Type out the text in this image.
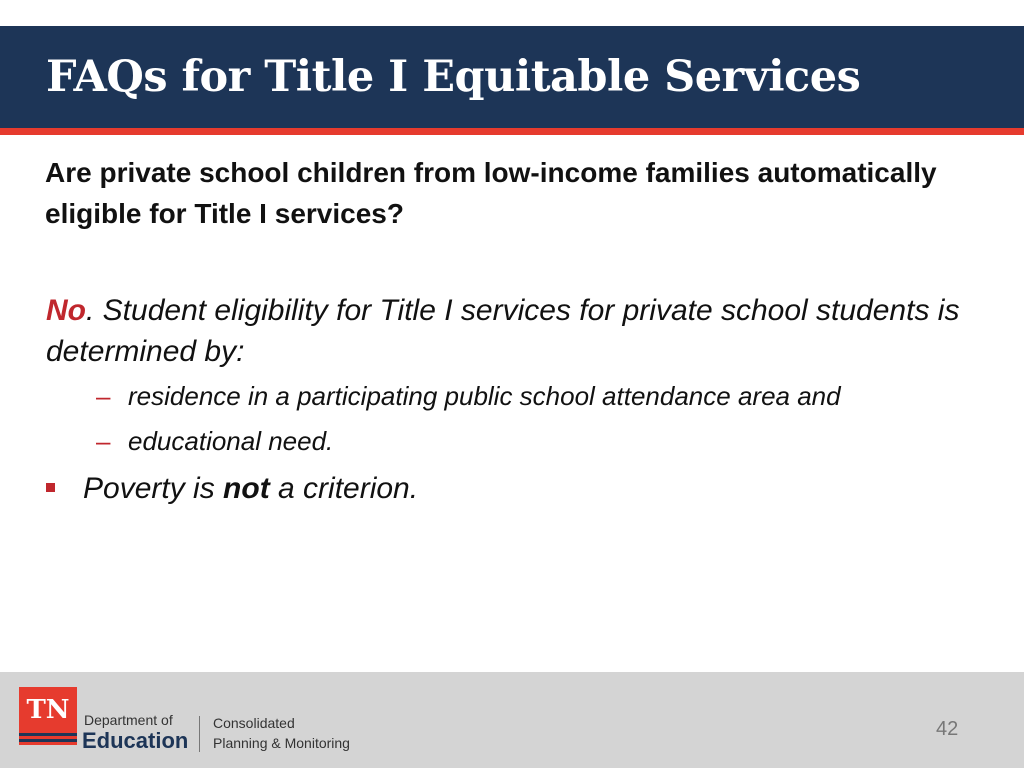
FAQs for Title I Equitable Services
Are private school children from low-income families automatically eligible for Title I services?
No. Student eligibility for Title I services for private school students is determined by:
– residence in a participating public school attendance area and
– educational need.
Poverty is not a criterion.
TN	Department of
Education
Consolidated
Planning & Monitoring
42
